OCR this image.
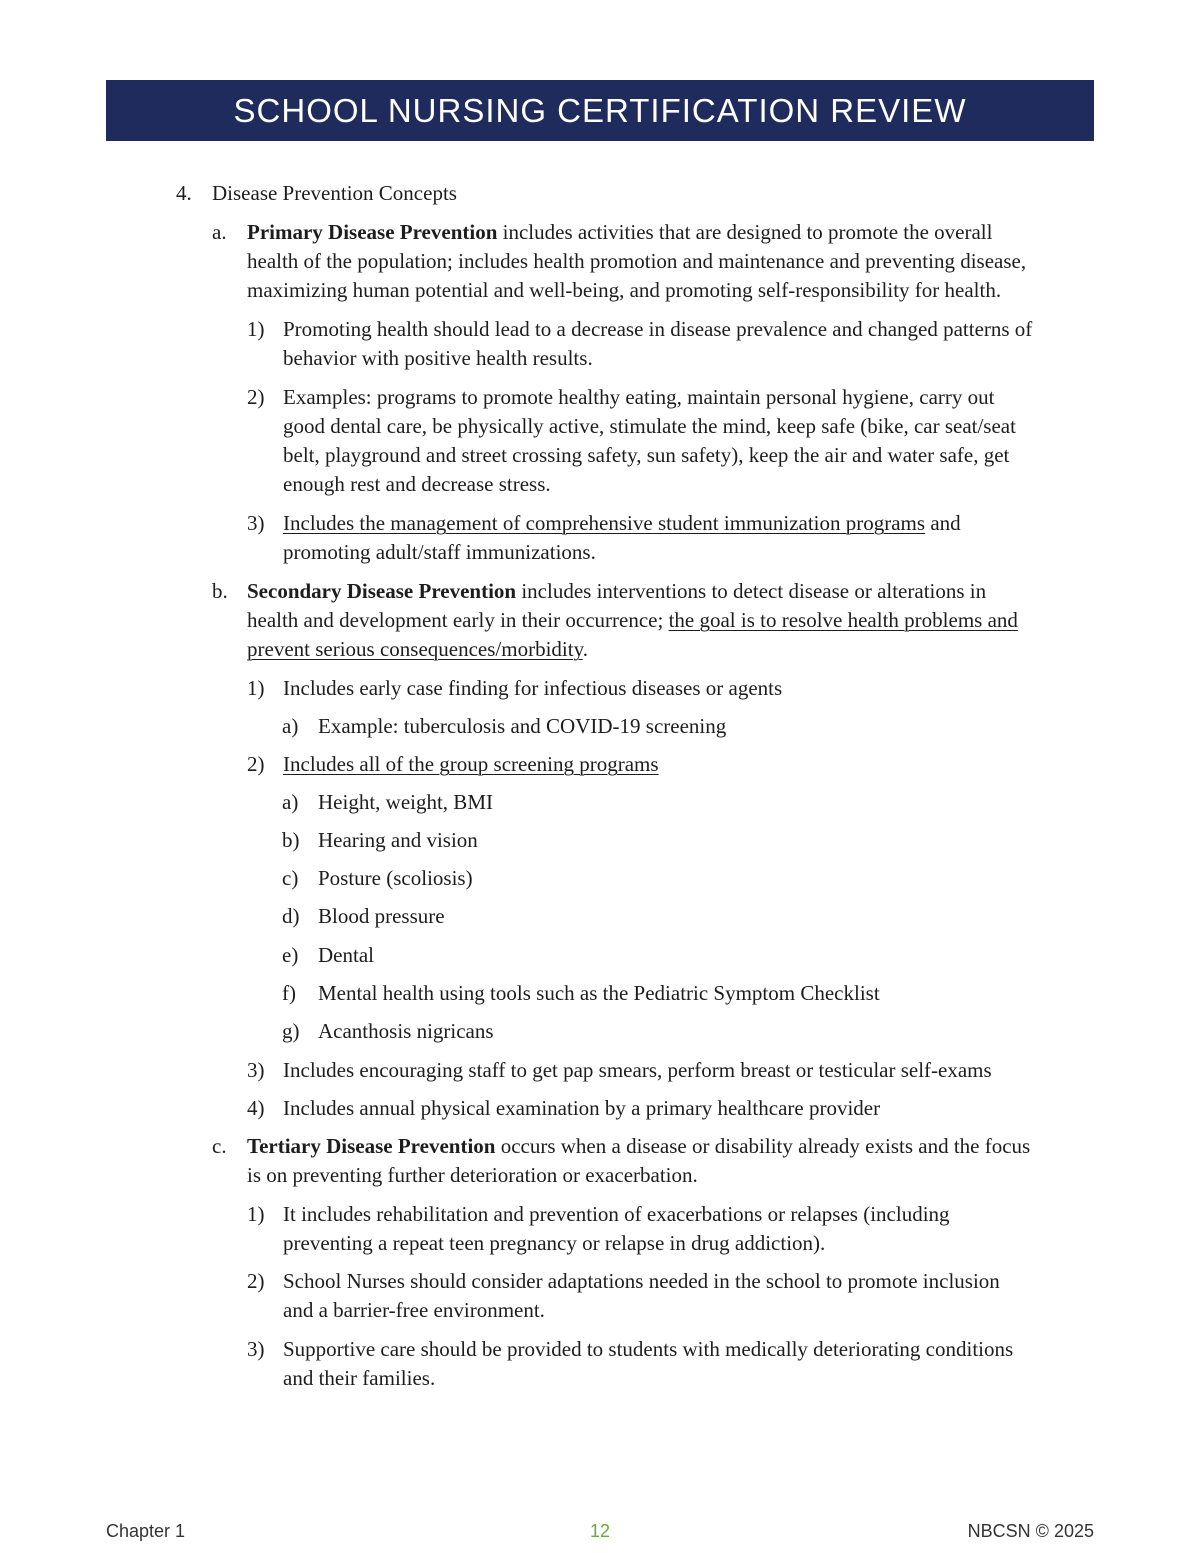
SCHOOL NURSING CERTIFICATION REVIEW
4. Disease Prevention Concepts
a. Primary Disease Prevention includes activities that are designed to promote the overall
health of the population; includes health promotion and maintenance and preventing disease,
maximizing human potential and well-being, and promoting self-responsibility for health.
1) Promoting health should lead to a decrease in disease prevalence and changed patterns of
behavior with positive health results.
2) Examples: programs to promote healthy eating, maintain personal hygiene, carry out
good dental care, be physically active, stimulate the mind, keep safe (bike, car seat/seat
belt, playground and street crossing safety, sun safety), keep the air and water safe, get
enough rest and decrease stress.
3) Includes the management of comprehensive student immunization programs and
promoting adult/staff immunizations.
b. Secondary Disease Prevention includes interventions to detect disease or alterations in
health and development early in their occurrence; the goal is to resolve health problems and
prevent serious consequences/morbidity.
1) Includes early case finding for infectious diseases or agents
a) Example: tuberculosis and COVID-19 screening
2) Includes all of the group screening programs
a) Height, weight, BMI
b) Hearing and vision
c) Posture (scoliosis)
d) Blood pressure
e) Dental
f) Mental health using tools such as the Pediatric Symptom Checklist
g) Acanthosis nigricans
3) Includes encouraging staff to get pap smears, perform breast or testicular self-exams
4) Includes annual physical examination by a primary healthcare provider
c. Tertiary Disease Prevention occurs when a disease or disability already exists and the focus
is on preventing further deterioration or exacerbation.
1) It includes rehabilitation and prevention of exacerbations or relapses (including
preventing a repeat teen pregnancy or relapse in drug addiction).
2) School Nurses should consider adaptations needed in the school to promote inclusion
and a barrier-free environment.
3) Supportive care should be provided to students with medically deteriorating conditions
and their families.
Chapter 1	12	NBCSN © 2025
